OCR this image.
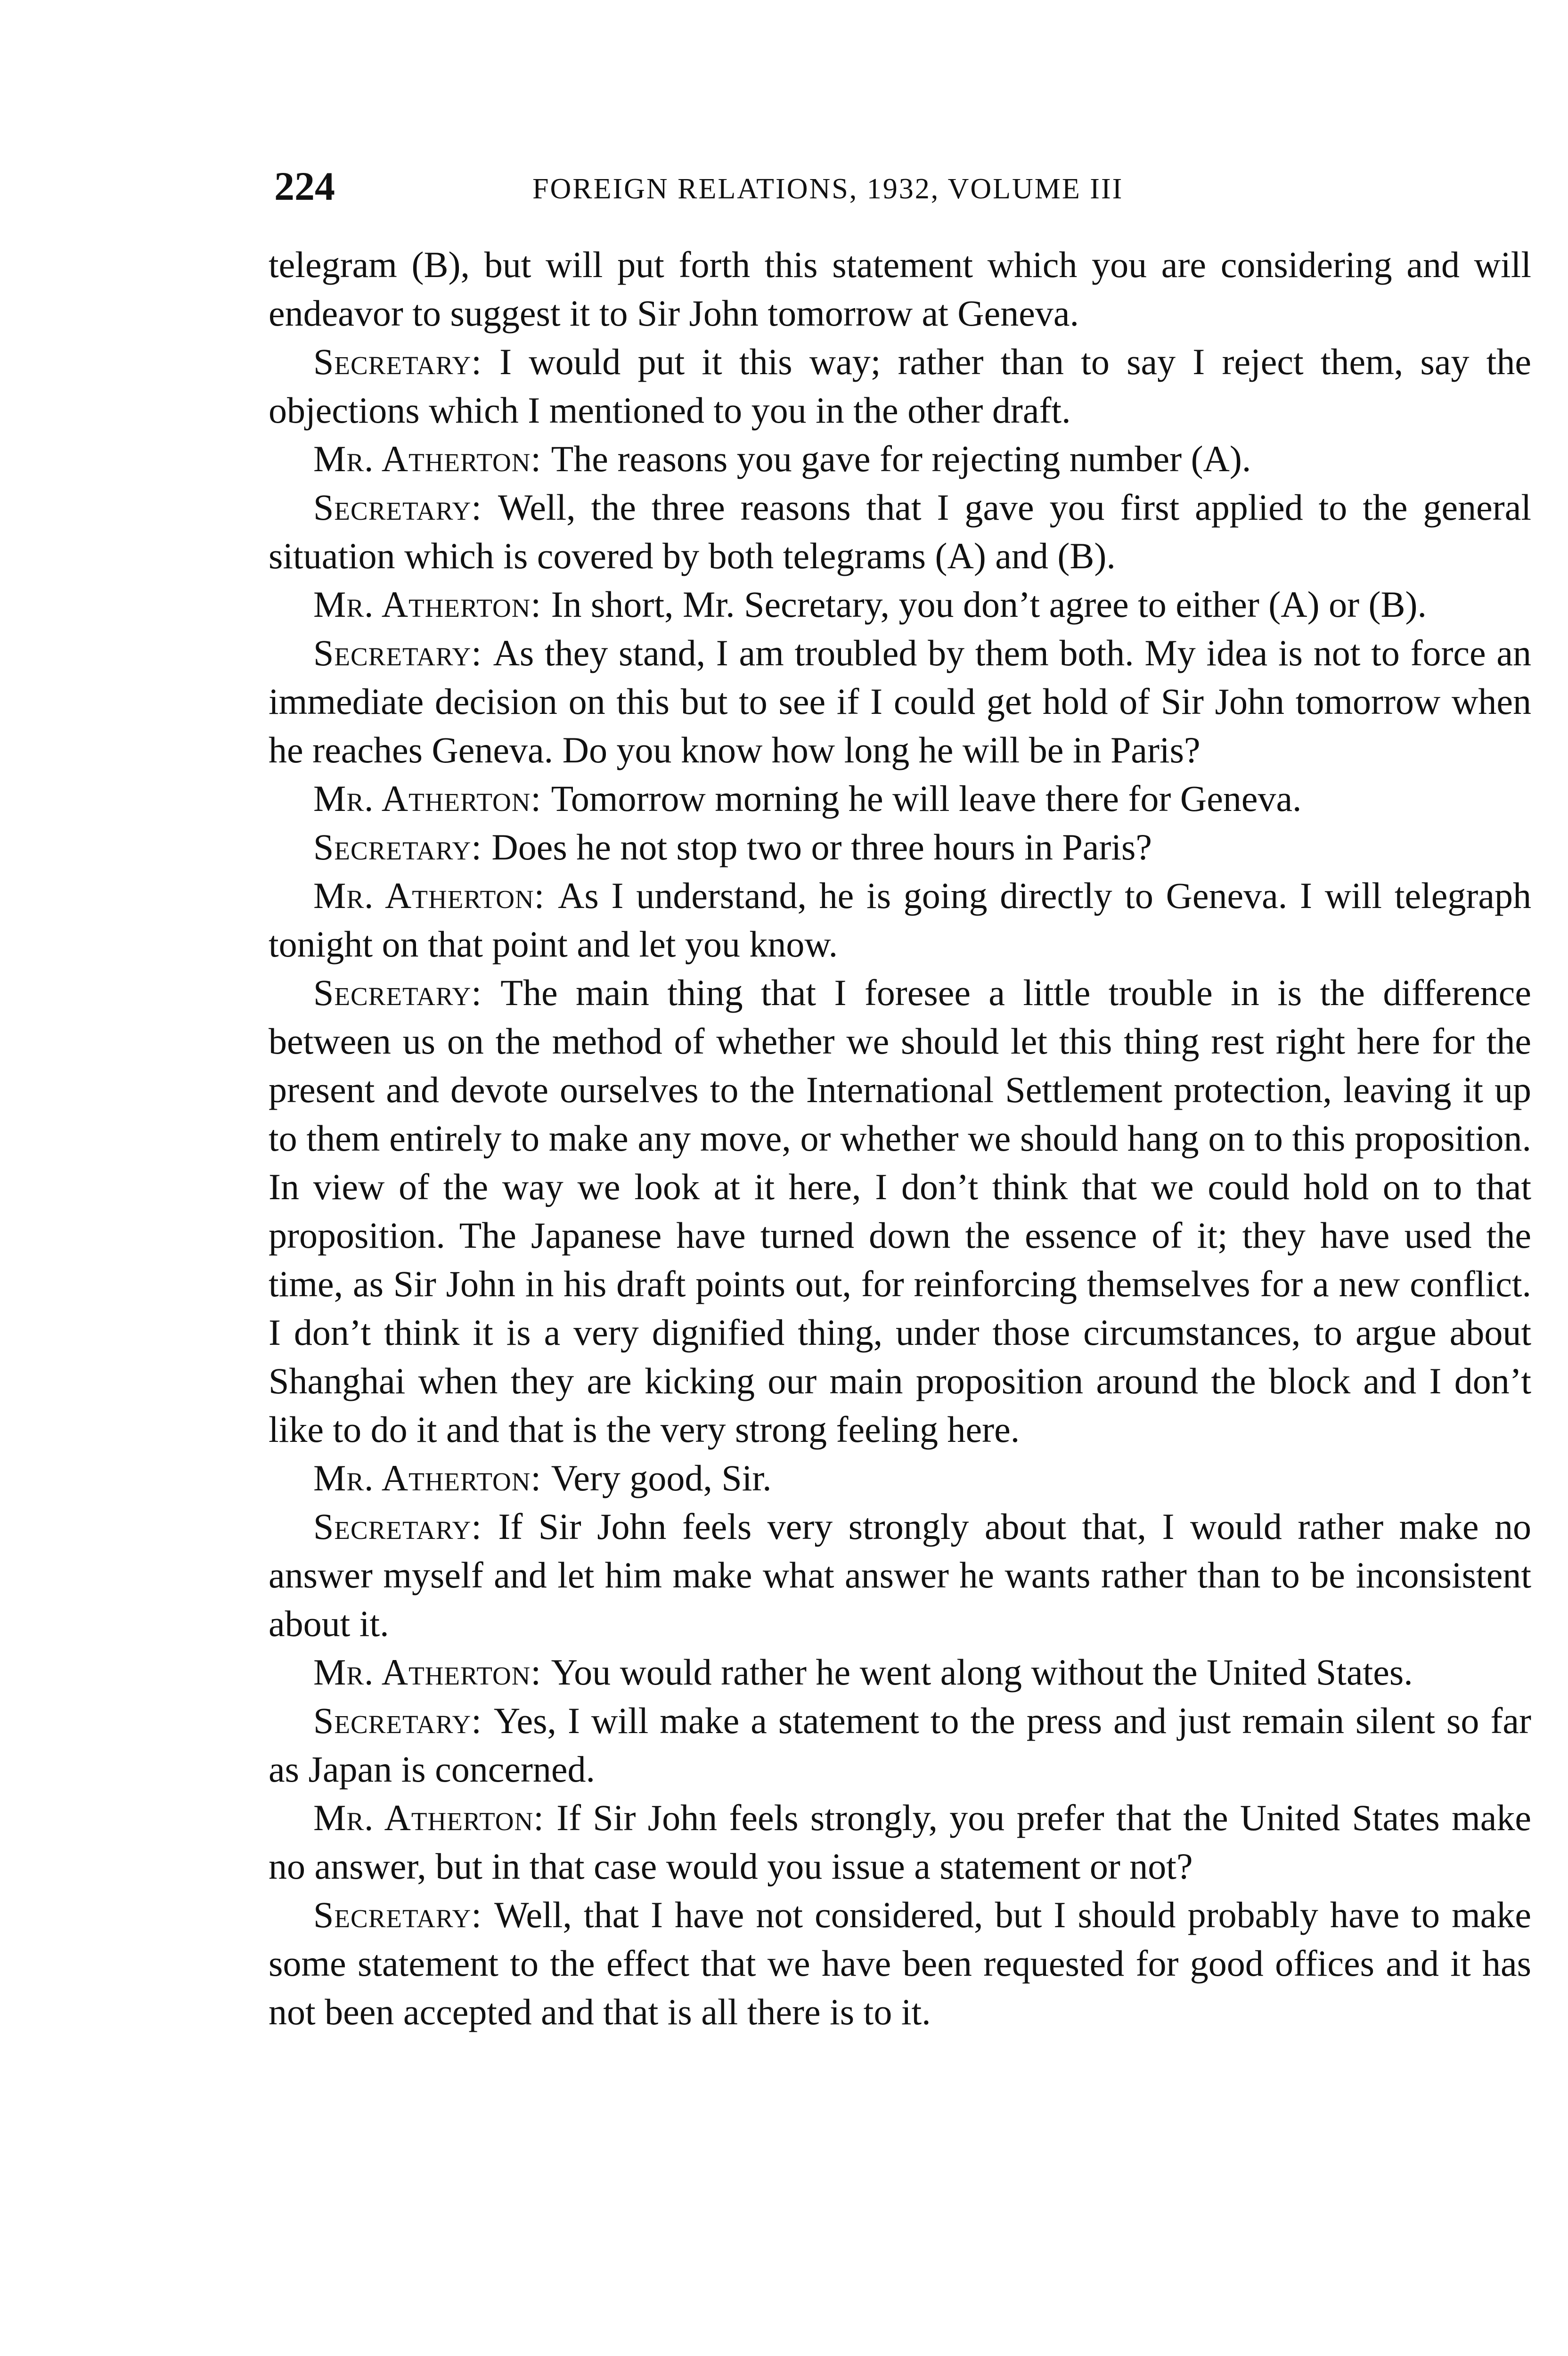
224	FOREIGN RELATIONS, 1932, VOLUME III

telegram (B), but will put forth this statement which you are considering and will endeavor to suggest it to Sir John tomorrow at Geneva.

Secretary: I would put it this way; rather than to say I reject them, say the objections which I mentioned to you in the other draft.

Mr. Atherton: The reasons you gave for rejecting number (A).

Secretary: Well, the three reasons that I gave you first applied to the general situation which is covered by both telegrams (A) and (B).

Mr. Atherton: In short, Mr. Secretary, you don’t agree to either (A) or (B).

Secretary: As they stand, I am troubled by them both. My idea is not to force an immediate decision on this but to see if I could get hold of Sir John tomorrow when he reaches Geneva. Do you know how long he will be in Paris?

Mr. Atherton: Tomorrow morning he will leave there for Geneva.

Secretary: Does he not stop two or three hours in Paris?

Mr. Atherton: As I understand, he is going directly to Geneva. I will telegraph tonight on that point and let you know.

Secretary: The main thing that I foresee a little trouble in is the difference between us on the method of whether we should let this thing rest right here for the present and devote ourselves to the International Settlement protection, leaving it up to them entirely to make any move, or whether we should hang on to this proposition. In view of the way we look at it here, I don’t think that we could hold on to that proposition. The Japanese have turned down the essence of it; they have used the time, as Sir John in his draft points out, for reinforcing themselves for a new conflict. I don’t think it is a very dignified thing, under those circumstances, to argue about Shanghai when they are kicking our main proposition around the block and I don’t like to do it and that is the very strong feeling here.

Mr. Atherton: Very good, Sir.

Secretary: If Sir John feels very strongly about that, I would rather make no answer myself and let him make what answer he wants rather than to be inconsistent about it.

Mr. Atherton: You would rather he went along without the United States.

Secretary: Yes, I will make a statement to the press and just remain silent so far as Japan is concerned.

Mr. Atherton: If Sir John feels strongly, you prefer that the United States make no answer, but in that case would you issue a statement or not?

Secretary: Well, that I have not considered, but I should probably have to make some statement to the effect that we have been requested for good offices and it has not been accepted and that is all there is to it.
